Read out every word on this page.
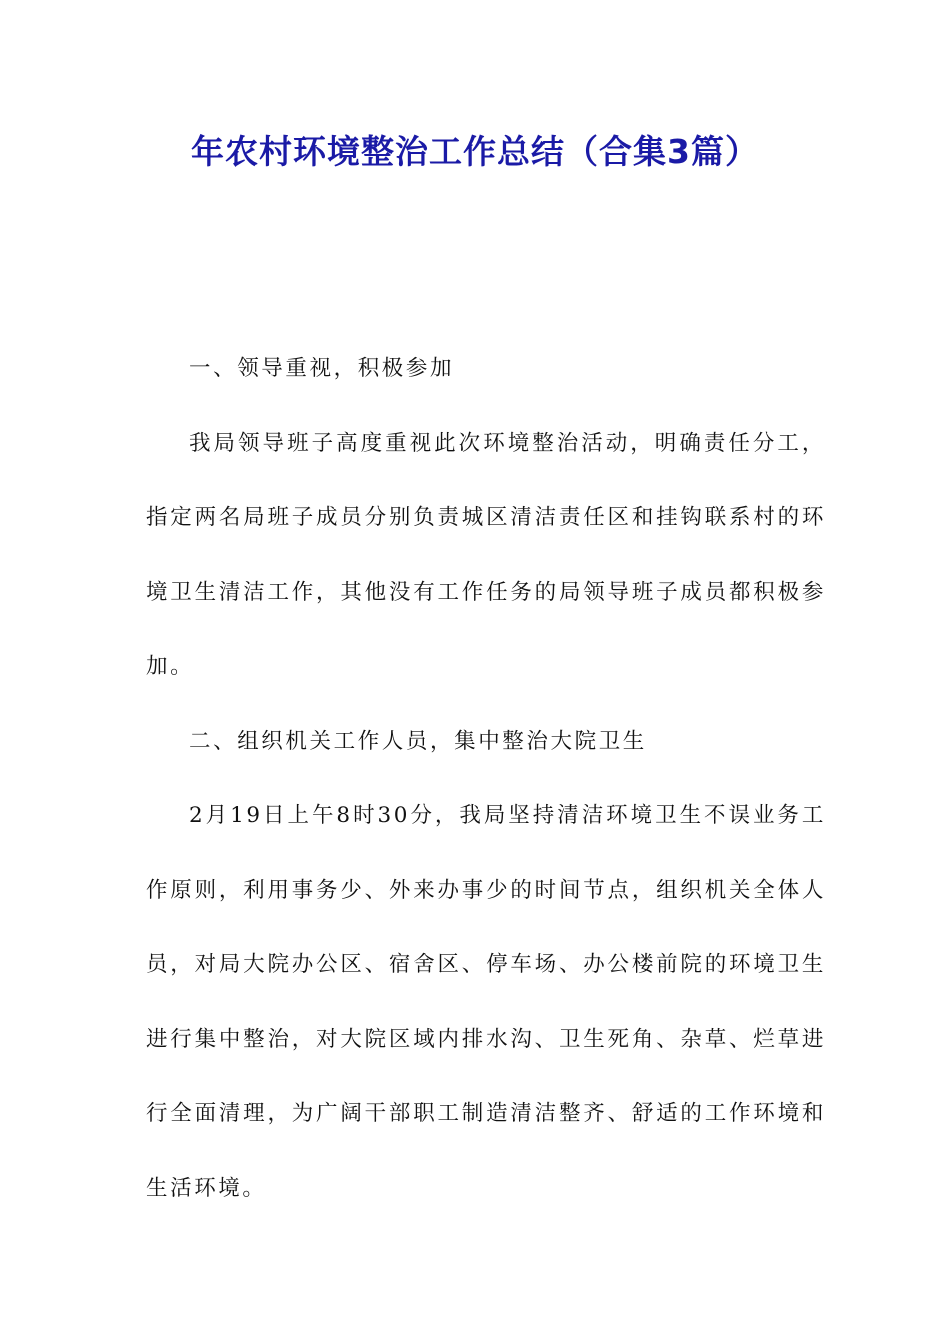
年农村环境整治工作总结（合集3篇）

一、领导重视，积极参加

我局领导班子高度重视此次环境整治活动，明确责任分工，指定两名局班子成员分别负责城区清洁责任区和挂钩联系村的环境卫生清洁工作，其他没有工作任务的局领导班子成员都积极参加。

二、组织机关工作人员，集中整治大院卫生

2月19日上午8时30分，我局坚持清洁环境卫生不误业务工作原则，利用事务少、外来办事少的时间节点，组织机关全体人员，对局大院办公区、宿舍区、停车场、办公楼前院的环境卫生进行集中整治，对大院区域内排水沟、卫生死角、杂草、烂草进行全面清理，为广阔干部职工制造清洁整齐、舒适的工作环境和生活环境。
